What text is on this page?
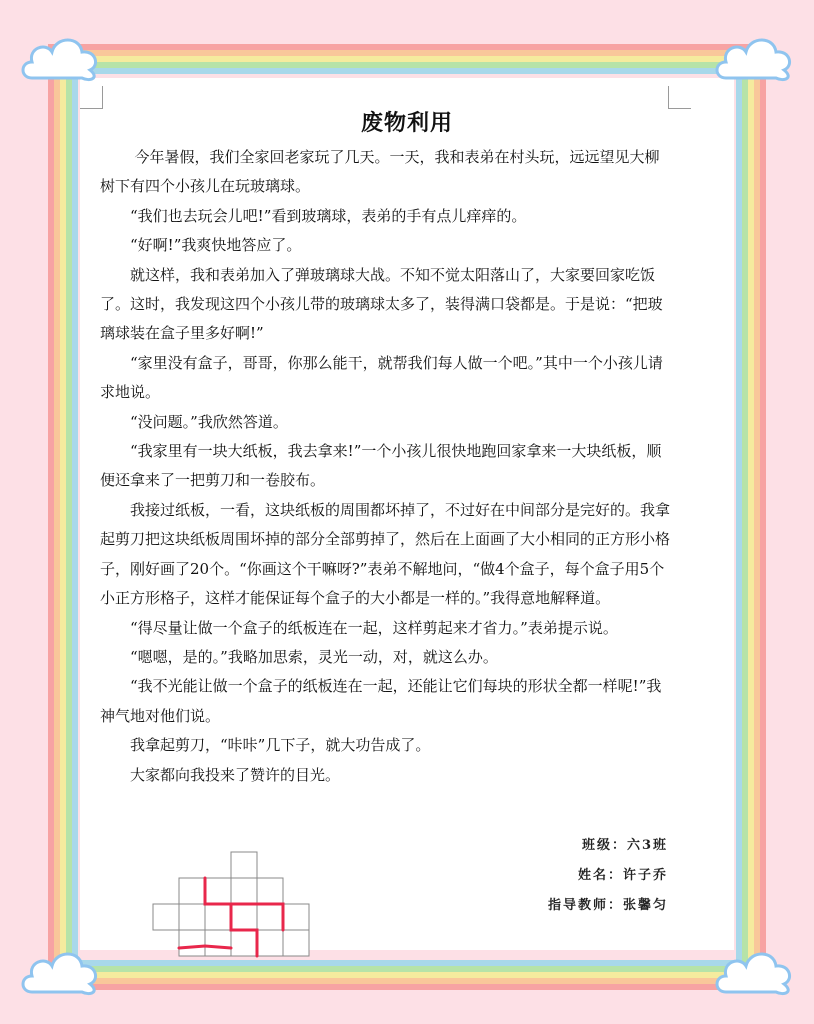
废物利用

今年暑假，我们全家回老家玩了几天。一天，我和表弟在村头玩，远远望见大柳树下有四个小孩儿在玩玻璃球。

“我们也去玩会儿吧!”看到玻璃球，表弟的手有点儿痒痒的。

“好啊!”我爽快地答应了。

就这样，我和表弟加入了弹玻璃球大战。不知不觉太阳落山了，大家要回家吃饭了。这时，我发现这四个小孩儿带的玻璃球太多了，装得满口袋都是。于是说：“把玻璃球装在盒子里多好啊!”

“家里没有盒子，哥哥，你那么能干，就帮我们每人做一个吧。”其中一个小孩儿请求地说。

“没问题。”我欣然答道。

“我家里有一块大纸板，我去拿来!”一个小孩儿很快地跑回家拿来一大块纸板，顺便还拿来了一把剪刀和一卷胶布。

我接过纸板，一看，这块纸板的周围都坏掉了，不过好在中间部分是完好的。我拿起剪刀把这块纸板周围坏掉的部分全部剪掉了，然后在上面画了大小相同的正方形小格子，刚好画了20个。“你画这个干嘛呀?”表弟不解地问，“做4个盒子，每个盒子用5个小正方形格子，这样才能保证每个盒子的大小都是一样的。”我得意地解释道。

“得尽量让做一个盒子的纸板连在一起，这样剪起来才省力。”表弟提示说。

“嗯嗯，是的。”我略加思索，灵光一动，对，就这么办。

“我不光能让做一个盒子的纸板连在一起，还能让它们每块的形状全都一样呢!”我神气地对他们说。

我拿起剪刀，“咔咔”几下子，就大功告成了。

大家都向我投来了赞许的目光。

班级：六3班
姓名：许子乔
指导教师：张馨匀
